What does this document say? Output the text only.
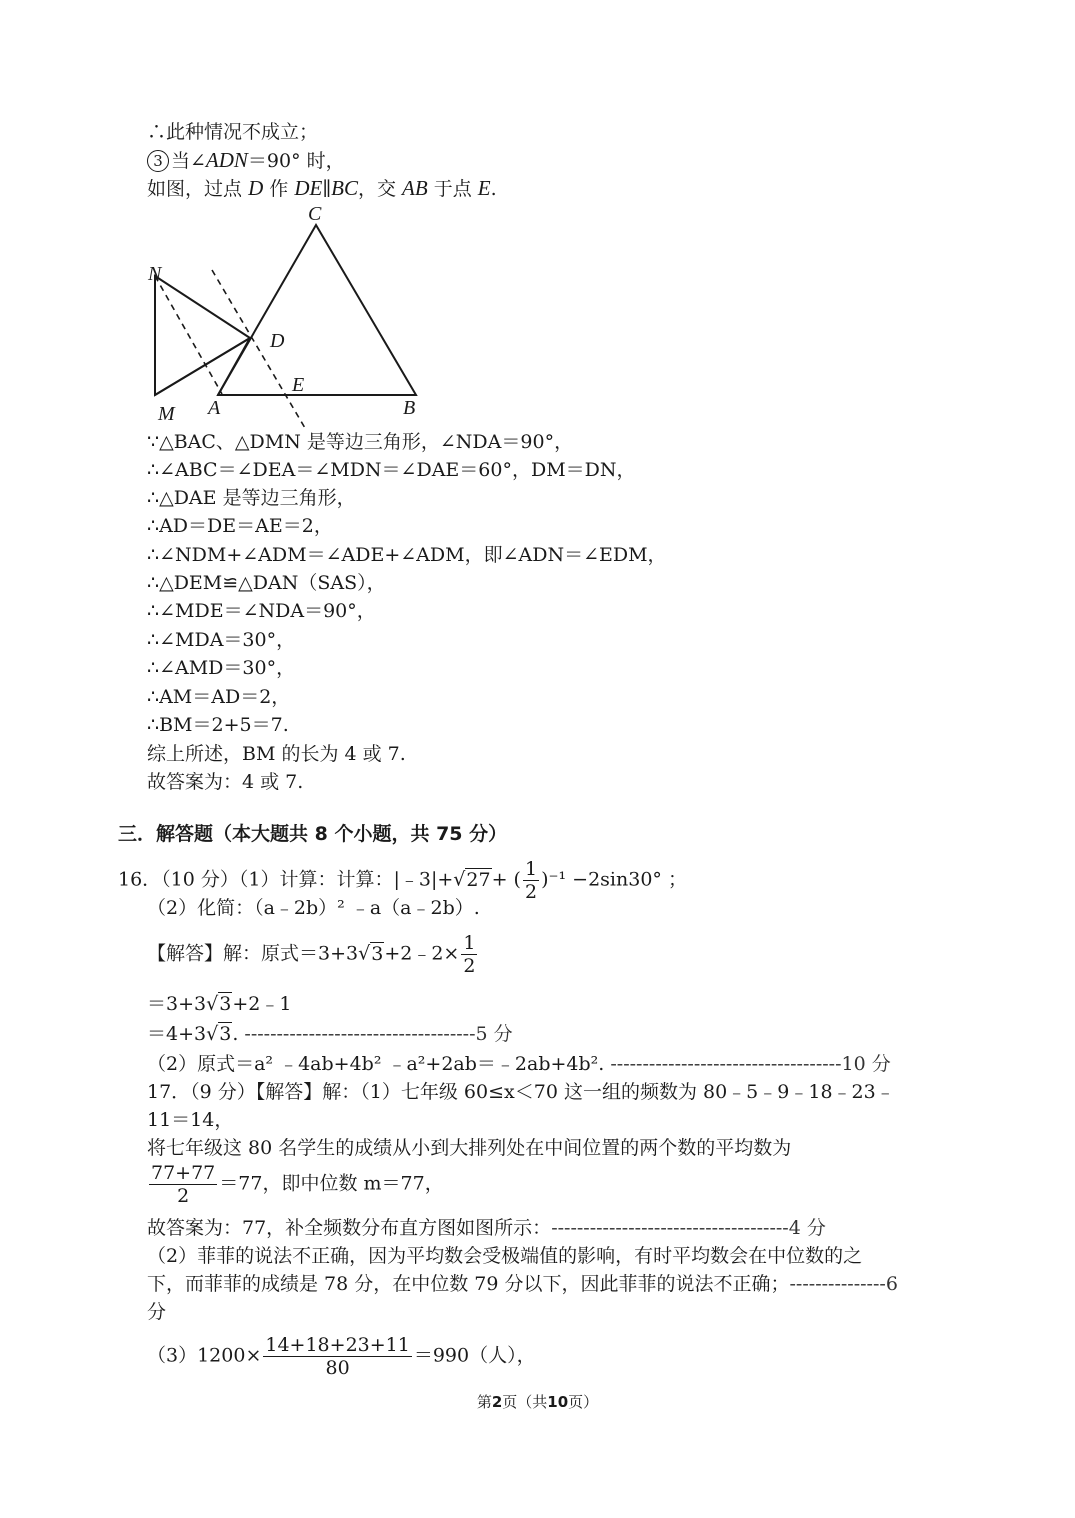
∴此种情况不成立；
3 当∠ADN＝90° 时，
如图，过点 D 作 DE∥BC，交 AB 于点 E.
C
N
D
E
M A	B
∵△BAC、△DMN 是等边三角形，∠NDA＝90°，
∴∠ABC＝∠DEA＝∠MDN＝∠DAE＝60°，DM＝DN，
∴△DAE 是等边三角形，
∴AD＝DE＝AE＝2，
∴∠NDM+∠ADM＝∠ADE+∠ADM，即∠ADN＝∠EDM，
∴△DEM≌△DAN（SAS），
∴∠MDE＝∠NDA＝90°，
∴∠MDA＝30°，
∴∠AMD＝30°，
∴AM＝AD＝2，
∴BM＝2+5＝7.
综上所述，BM 的长为 4 或 7.
故答案为：4 或 7.
三．解答题（本大题共 8 个小题，共 75 分）
16．（10 分）（1）计算：计算：|﹣3|+√27+ ( $\frac{1}{2} )^{-1} -2\sin 30^\circ$ ；
（2）化简：（a﹣2b）² ﹣a（a﹣2b）.
【解答】解：原式＝3+3√3+2﹣2× $\frac{1}{2}$
＝3+3√3+2﹣1
＝4+3√3. ------------------------------------5 分
（2）原式＝a² ﹣4ab+4b² ﹣a²+2ab＝﹣2ab+4b². ------------------------------------10 分
17．（9 分）【解答】解：（1）七年级 60≤x＜70 这一组的频数为 80﹣5﹣9﹣18﹣23﹣
11＝14，
将七年级这 80 名学生的成绩从小到大排列处在中间位置的两个数的平均数为
$\frac{77+77}{2} =77$，即中位数 m＝77，
故答案为：77，补全频数分布直方图如图所示：-------------------------------------4 分
（2）菲菲的说法不正确，因为平均数会受极端值的影响，有时平均数会在中位数的之
下，而菲菲的成绩是 78 分，在中位数 79 分以下，因此菲菲的说法不正确；---------------6
分
$(3)1200\times \frac{14+18+23+11}{80} =990$（人），
第2页（共10页）
